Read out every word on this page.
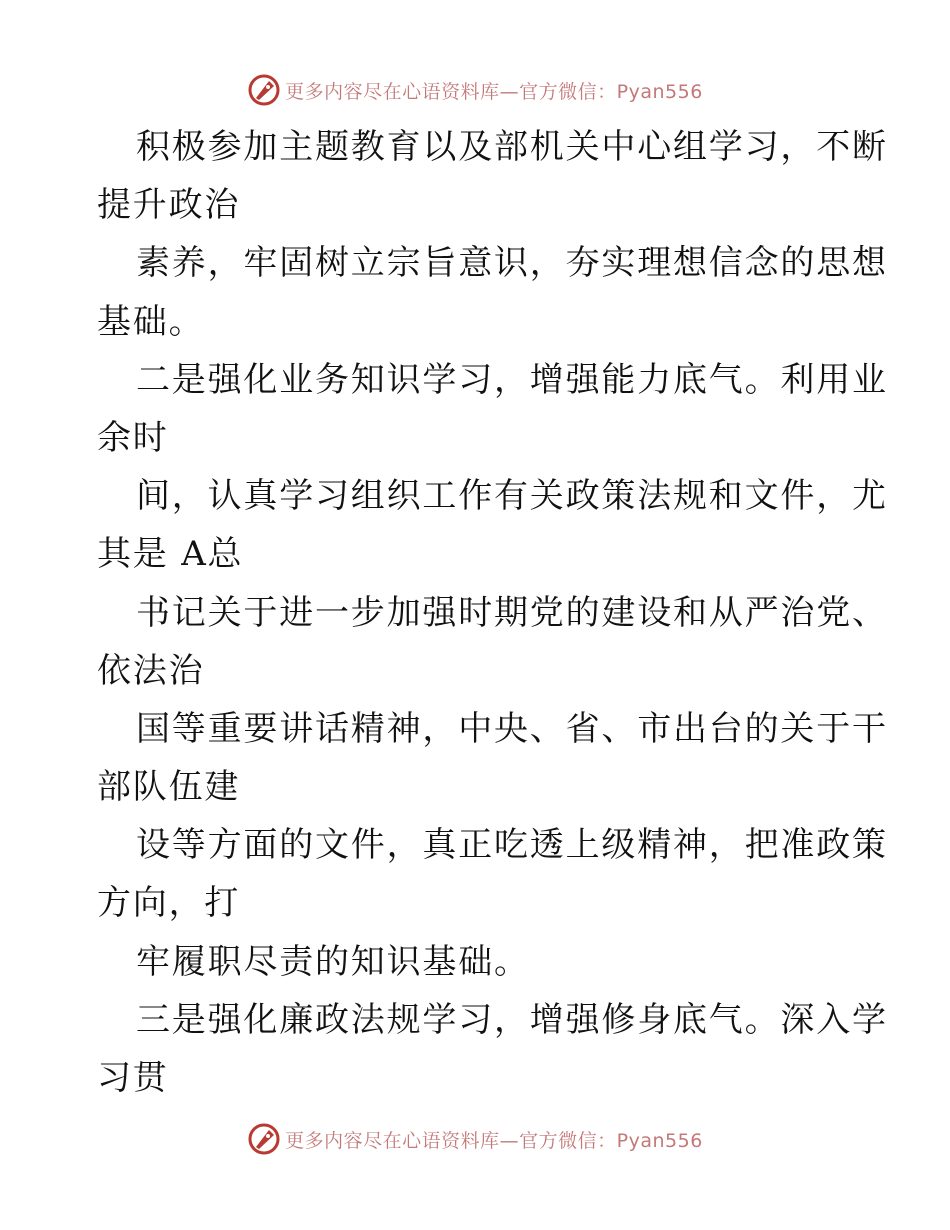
更多内容尽在心语资料库—官方微信：Pyan556

积极参加主题教育以及部机关中心组学习，不断

提升政治

素养，牢固树立宗旨意识，夯实理想信念的思想

基础。

二是强化业务知识学习，增强能力底气。利用业

余时

间，认真学习组织工作有关政策法规和文件，尤

其是 A总

书记关于进一步加强时期党的建设和从严治党、

依法治

国等重要讲话精神，中央、省、市出台的关于干

部队伍建

设等方面的文件，真正吃透上级精神，把准政策

方向，打

牢履职尽责的知识基础。

三是强化廉政法规学习，增强修身底气。深入学

习贯

更多内容尽在心语资料库—官方微信：Pyan556
